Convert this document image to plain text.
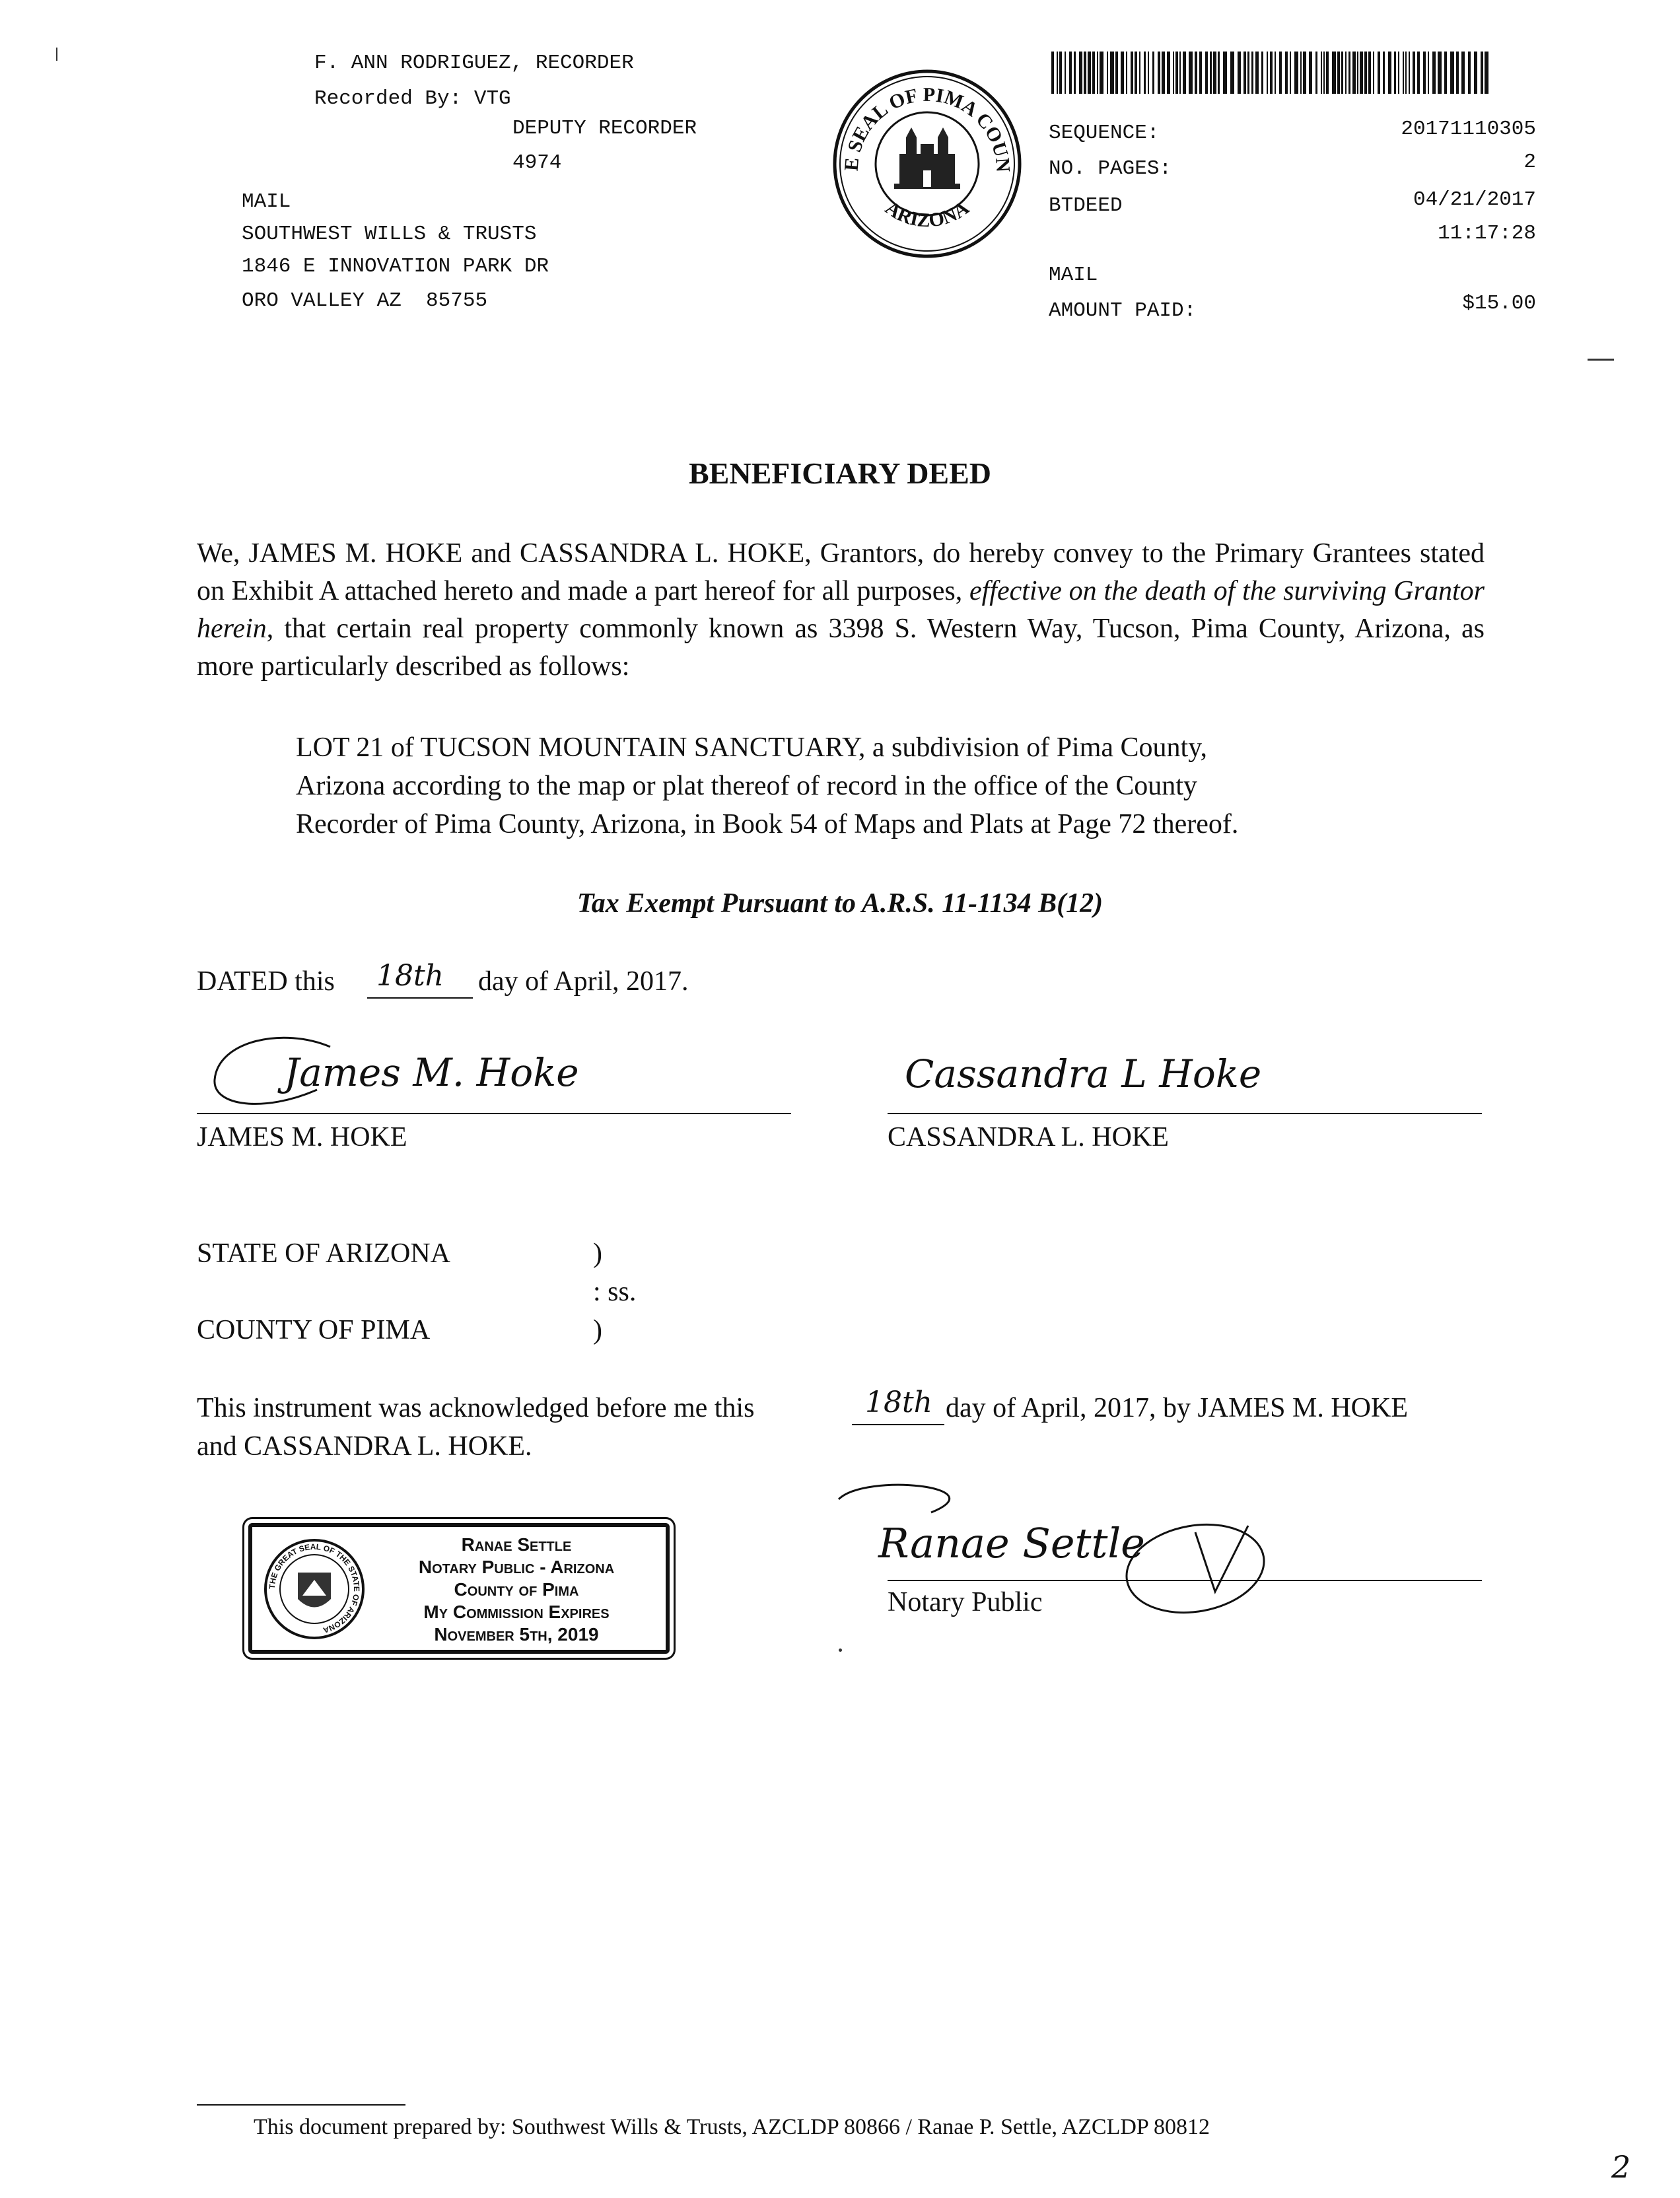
F. ANN RODRIGUEZ, RECORDER
Recorded By: VTG
DEPUTY RECORDER
4974
MAIL
SOUTHWEST WILLS & TRUSTS
1846 E INNOVATION PARK DR
ORO VALLEY AZ  85755
THE SEAL OF PIMA COUNTY
ARIZONA
SEQUENCE:	20171110305
NO. PAGES:	2
BTDEED	04/21/2017
11:17:28
MAIL
AMOUNT PAID:	$15.00
BENEFICIARY DEED
We, JAMES M. HOKE and CASSANDRA L. HOKE, Grantors, do hereby convey to the Primary Grantees stated on Exhibit A attached hereto and made a part hereof for all purposes, effective on the death of the surviving Grantor herein, that certain real property commonly known as 3398 S. Western Way, Tucson, Pima County, Arizona, as more particularly described as follows:
LOT 21 of TUCSON MOUNTAIN SANCTUARY, a subdivision of Pima County,
Arizona according to the map or plat thereof of record in the office of the County
Recorder of Pima County, Arizona, in Book 54 of Maps and Plats at Page 72 thereof.
Tax Exempt Pursuant to A.R.S. 11-1134 B(12)
DATED this 18th day of April, 2017.
James M. Hoke
JAMES M. HOKE
Cassandra L Hoke
CASSANDRA L. HOKE
STATE OF ARIZONA	)
: ss.
COUNTY OF PIMA	)
This instrument was acknowledged before me this	18th day of April, 2017, by JAMES M. HOKE
and CASSANDRA L. HOKE.
THE GREAT SEAL OF THE STATE OF ARIZONA
Ranae Settle
Notary Public - Arizona
County of Pima
My Commission Expires
November 5th, 2019
Ranae Settle
Notary Public
This document prepared by: Southwest Wills & Trusts, AZCLDP 80866 / Ranae P. Settle, AZCLDP 80812
2
